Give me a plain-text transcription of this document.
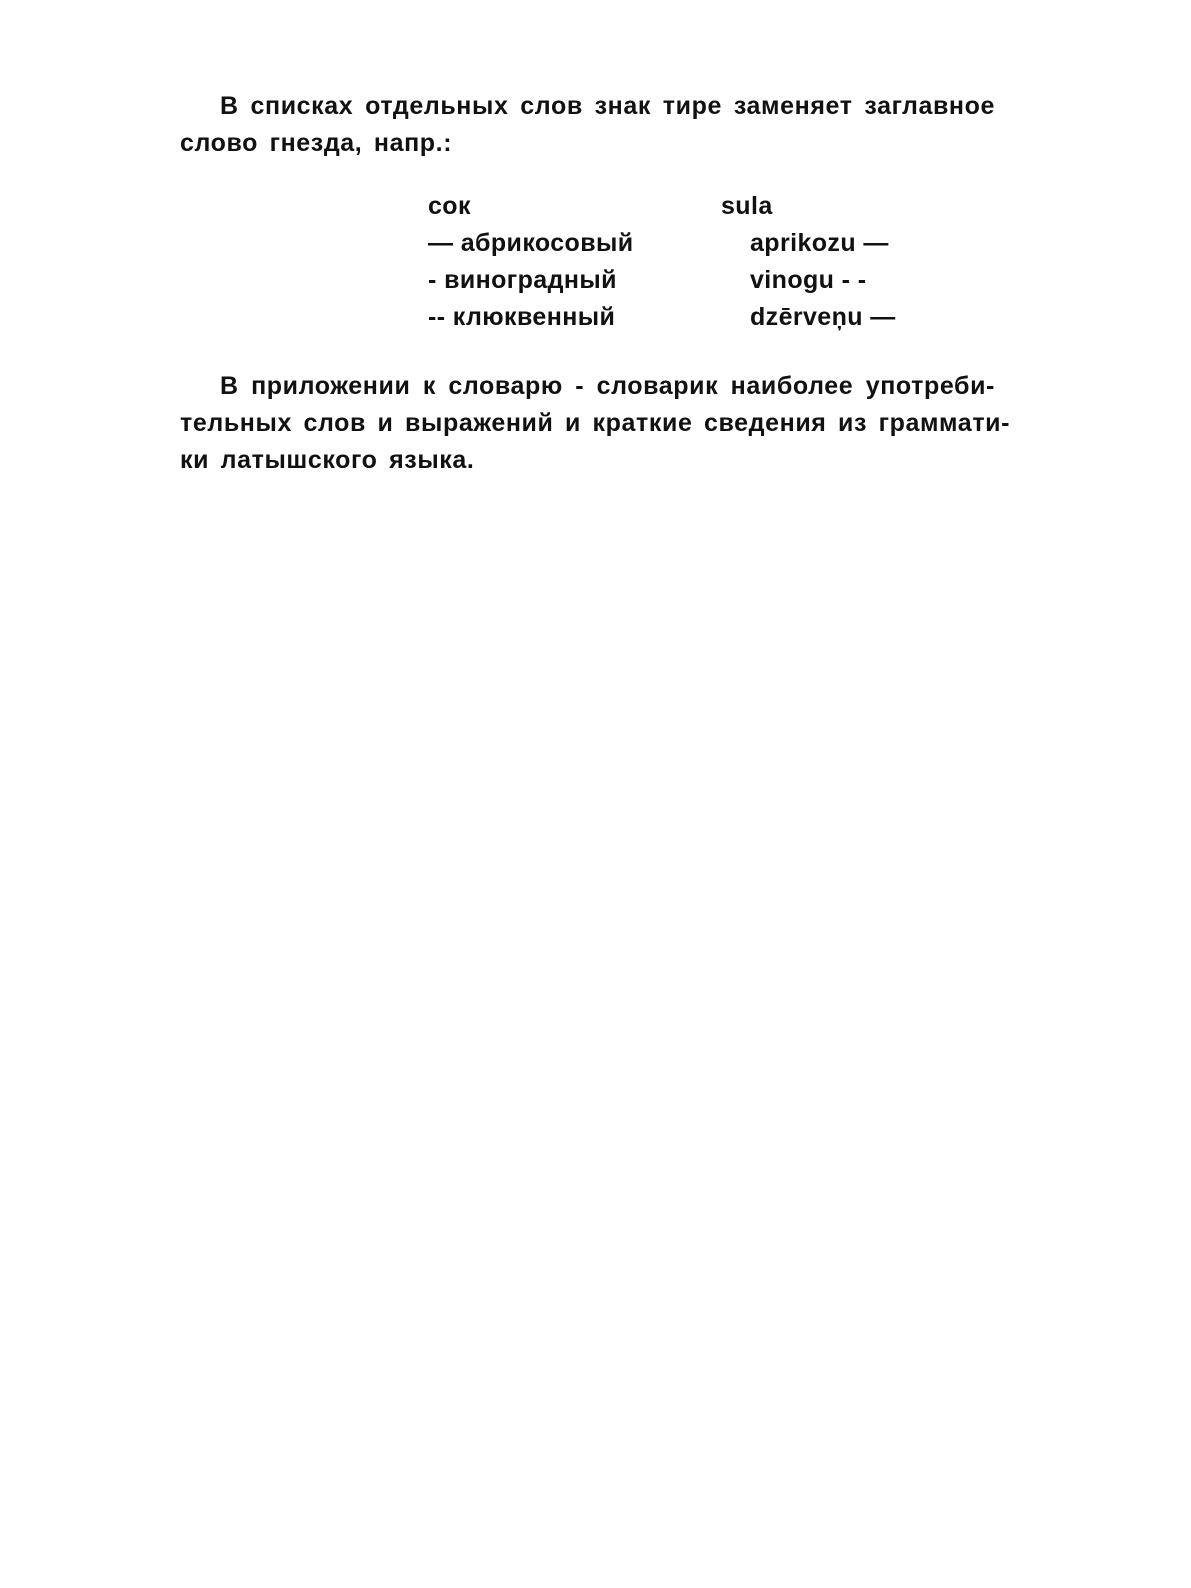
В списках отдельных слов знак тире заменяет заглавное
слово гнезда, напр.:

сок	sula
— абрикосовый	aprikozu —
- виноградный	vinogu - -
-- клюквенный	dzērveņu —

В приложении к словарю - словарик наиболее употреби-
тельных слов и выражений и краткие сведения из граммати-
ки латышского языка.
